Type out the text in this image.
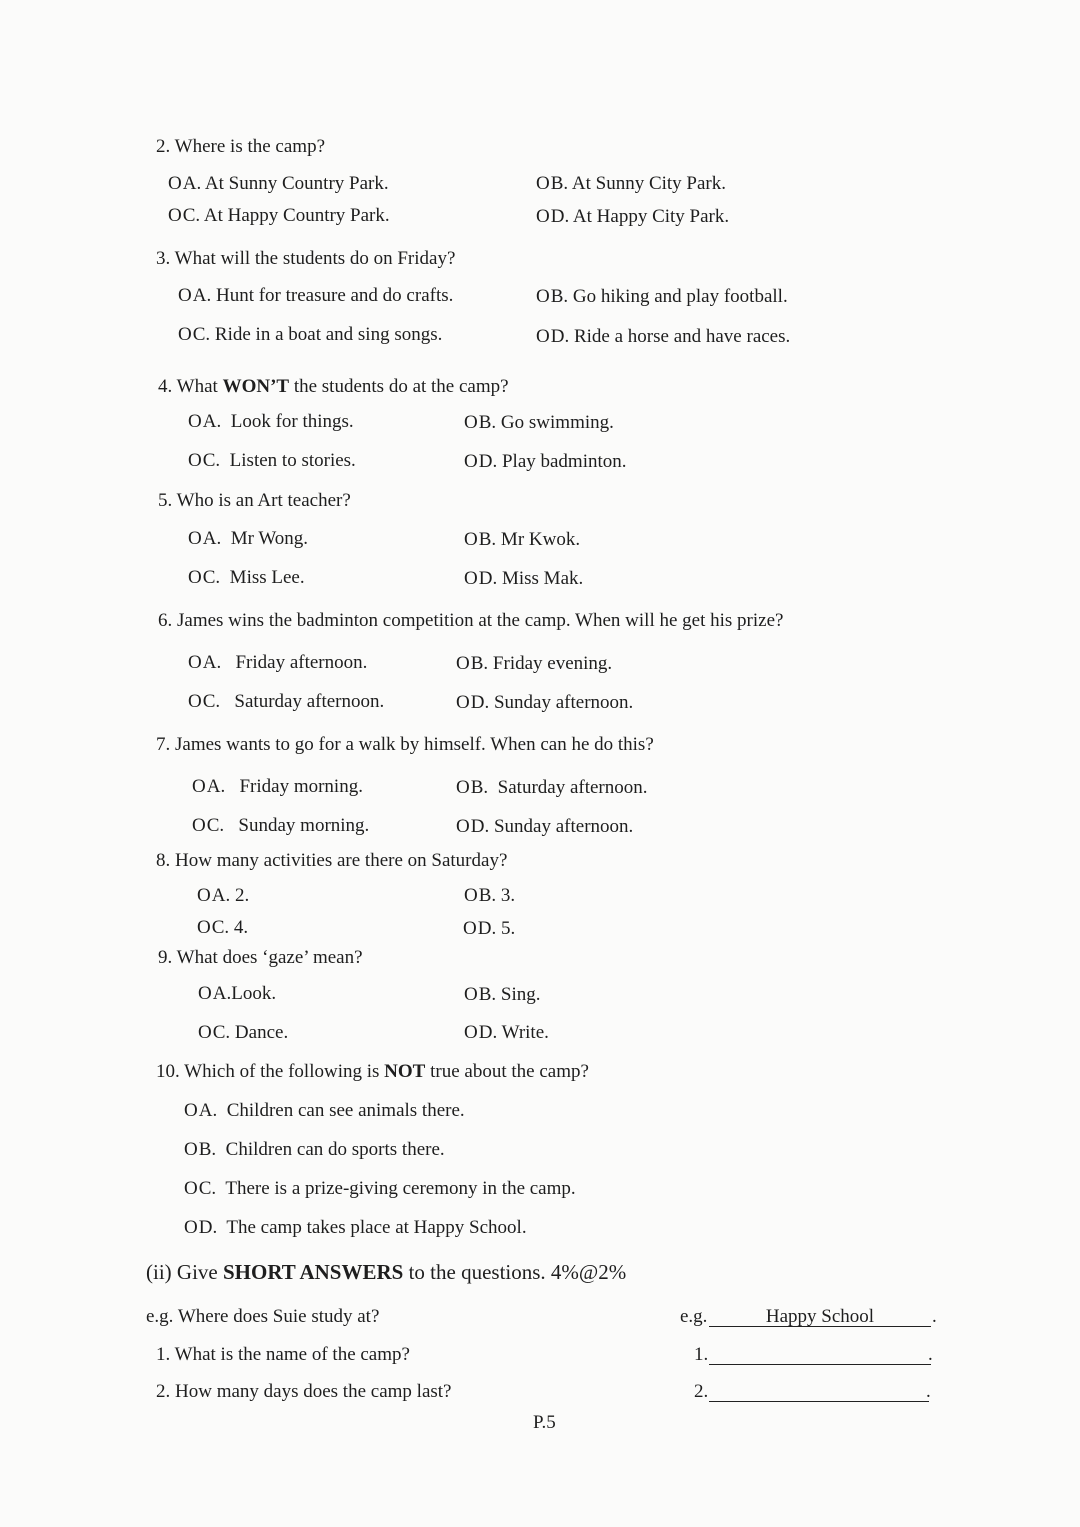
2. Where is the camp?
OA. At Sunny Country Park.	OB. At Sunny City Park.
OC. At Happy Country Park.	OD. At Happy City Park.
3. What will the students do on Friday?
OA. Hunt for treasure and do crafts.	OB. Go hiking and play football.
OC. Ride in a boat and sing songs.	OD. Ride a horse and have races.
4. What WON’T the students do at the camp?
OA. Look for things.	OB. Go swimming.
OC. Listen to stories.	OD. Play badminton.
5. Who is an Art teacher?
OA. Mr Wong.	OB. Mr Kwok.
OC. Miss Lee.	OD. Miss Mak.
6. James wins the badminton competition at the camp. When will he get his prize?
OA. Friday afternoon.	OB. Friday evening.
OC. Saturday afternoon.	OD. Sunday afternoon.
7. James wants to go for a walk by himself. When can he do this?
OA. Friday morning.	OB. Saturday afternoon.
OC. Sunday morning.	OD. Sunday afternoon.
8. How many activities are there on Saturday?
OA. 2.	OB. 3.
OC. 4.	OD. 5.
9. What does ‘gaze’ mean?
OA.Look.	OB. Sing.
OC. Dance.	OD. Write.
10. Which of the following is NOT true about the camp?
OA. Children can see animals there.
OB. Children can do sports there.
OC. There is a prize-giving ceremony in the camp.
OD. The camp takes place at Happy School.
(ii) Give SHORT ANSWERS to the questions. 4%@2%
e.g. Where does Suie study at?	e.g.	Happy School	.
1. What is the name of the camp?	1.	.
2. How many days does the camp last?	2.	.
P.5
